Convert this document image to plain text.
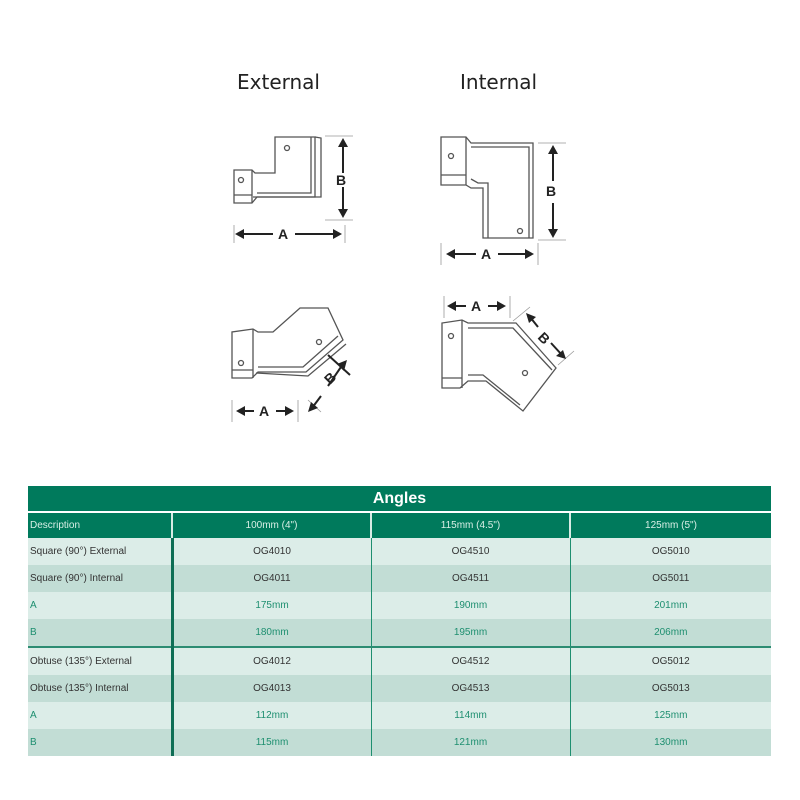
External	Internal
B
A
B
A
B
A
A
B
Angles
Description	100mm (4")	115mm (4.5")	125mm (5")
Square (90°) External	OG4010	OG4510	OG5010
Square (90°) Internal	OG4011	OG4511	OG5011
A	175mm	190mm	201mm
B	180mm	195mm	206mm
Obtuse (135°) External	OG4012	OG4512	OG5012
Obtuse (135°) Internal	OG4013	OG4513	OG5013
A	112mm	114mm	125mm
B	115mm	121mm	130mm
